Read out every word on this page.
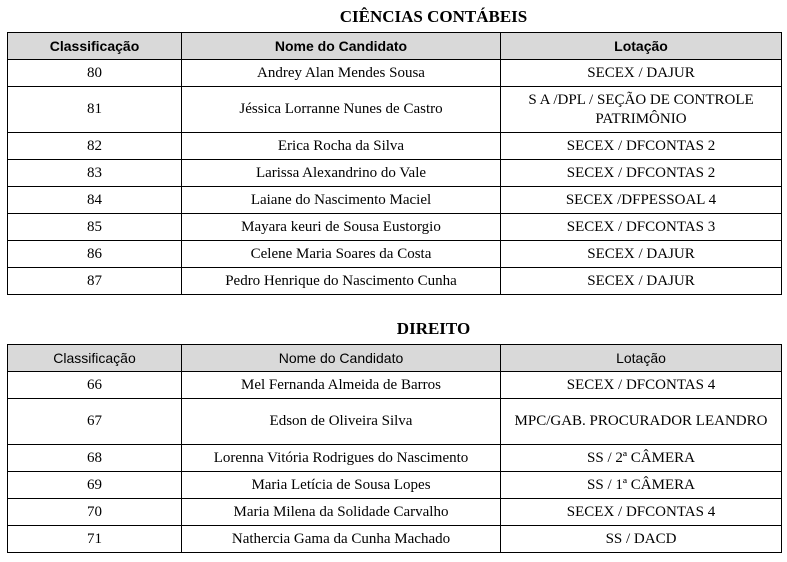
CIÊNCIAS CONTÁBEIS
Classificação	Nome do Candidato	Lotação
80	Andrey Alan Mendes Sousa	SECEX / DAJUR
81	Jéssica Lorranne Nunes de Castro	S A /DPL / SEÇÃO DE CONTROLE PATRIMÔNIO
82	Erica Rocha da Silva	SECEX / DFCONTAS 2
83	Larissa Alexandrino do Vale	SECEX / DFCONTAS 2
84	Laiane do Nascimento Maciel	SECEX /DFPESSOAL 4
85	Mayara keuri de Sousa Eustorgio	SECEX / DFCONTAS 3
86	Celene Maria Soares da Costa	SECEX / DAJUR
87	Pedro Henrique do Nascimento Cunha	SECEX / DAJUR
DIREITO
Classificação	Nome do Candidato	Lotação
66	Mel Fernanda Almeida de Barros	SECEX / DFCONTAS 4
67	Edson de Oliveira Silva	MPC/GAB. PROCURADOR LEANDRO
68	Lorenna Vitória Rodrigues do Nascimento	SS / 2ª CÂMERA
69	Maria Letícia de Sousa Lopes	SS / 1ª CÂMERA
70	Maria Milena da Solidade Carvalho	SECEX / DFCONTAS 4
71	Nathercia Gama da Cunha Machado	SS / DACD
